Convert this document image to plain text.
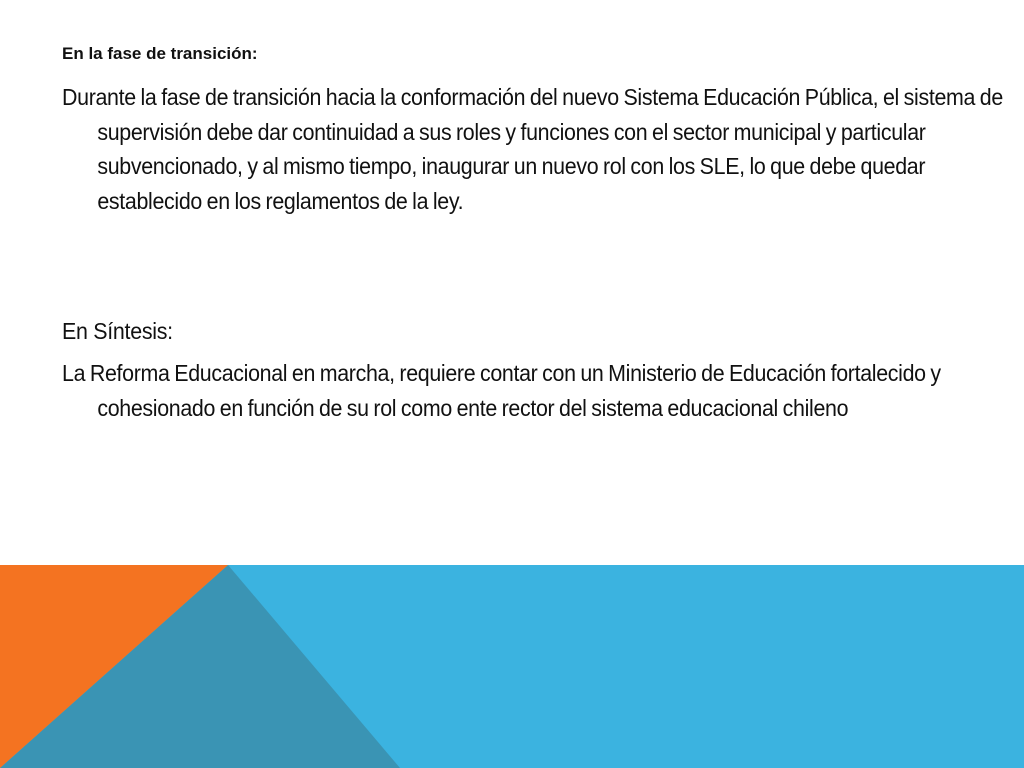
En la fase de transición:

Durante la fase de transición hacia la conformación del nuevo Sistema Educación Pública, el sistema de supervisión debe dar continuidad a sus roles y funciones con el sector municipal y particular subvencionado, y al mismo tiempo, inaugurar un nuevo rol con los SLE, lo que debe quedar establecido en los reglamentos de la ley.

En Síntesis:

La Reforma Educacional en marcha, requiere contar con un Ministerio de Educación fortalecido y cohesionado en función de su rol como ente rector del sistema educacional chileno
